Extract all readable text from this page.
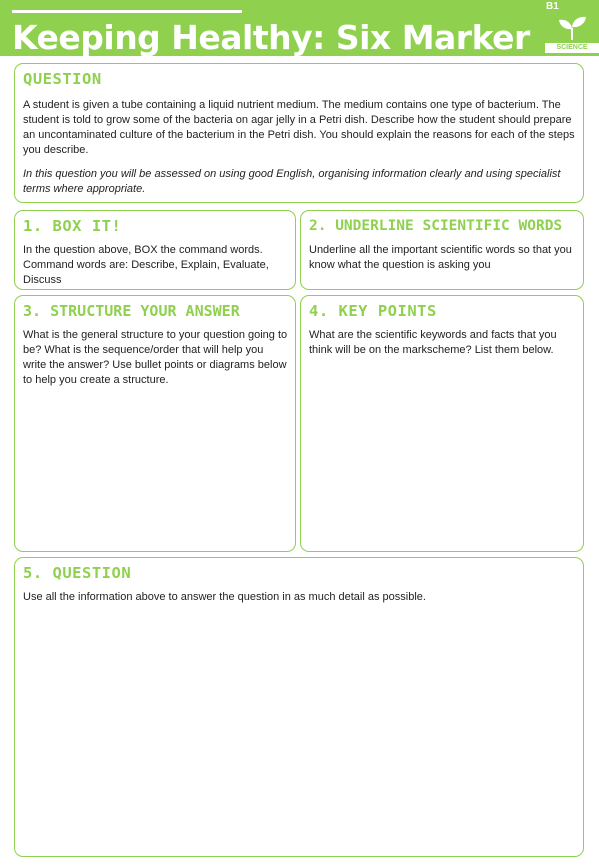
Keeping Healthy: Six Marker
B1
SCIENCE
QUESTION

A student is given a tube containing a liquid nutrient medium. The medium contains one type of bacterium. The student is told to grow some of the bacteria on agar jelly in a Petri dish. Describe how the student should prepare an uncontaminated culture of the bacterium in the Petri dish. You should explain the reasons for each of the steps you describe.

In this question you will be assessed on using good English, organising information clearly and using specialist terms where appropriate.

1. BOX IT!
In the question above, BOX the command words. Command words are: Describe, Explain, Evaluate, Discuss
2. UNDERLINE SCIENTIFIC WORDS
Underline all the important scientific words so that you know what the question is asking you
3. STRUCTURE YOUR ANSWER
What is the general structure to your question going to be? What is the sequence/order that will help you write the answer? Use bullet points or diagrams below to help you create a structure.
4. KEY POINTS
What are the scientific keywords and facts that you think will be on the markscheme? List them below.
5. QUESTION
Use all the information above to answer the question in as much detail as possible.
